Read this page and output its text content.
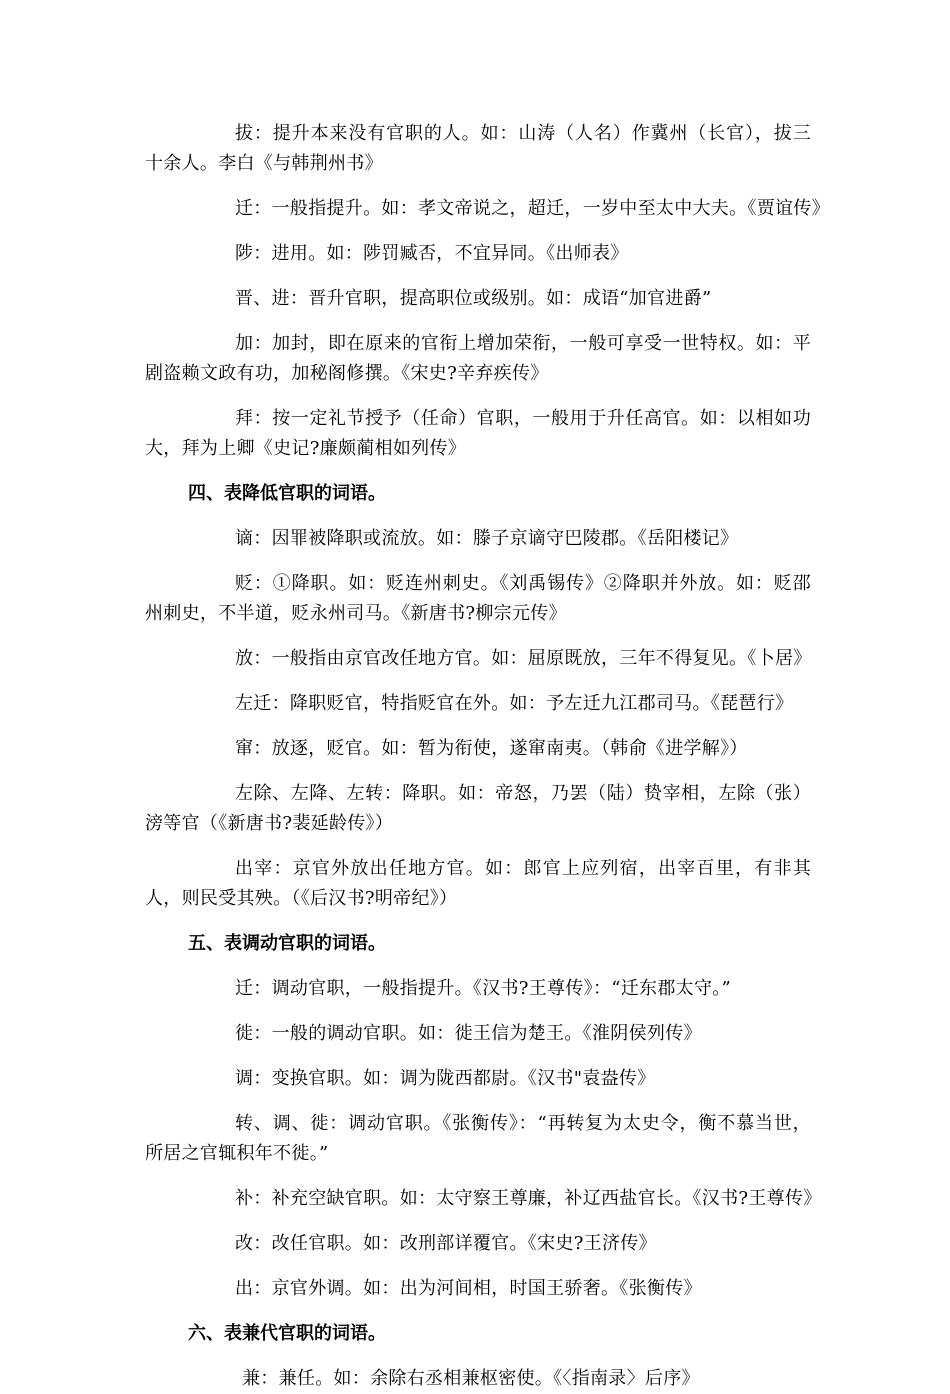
拔：提升本来没有官职的人。如：山涛（人名）作冀州（长官），拔三十余人。李白《与韩荆州书》

迁：一般指提升。如：孝文帝说之，超迁，一岁中至太中大夫。《贾谊传》

陟：进用。如：陟罚臧否，不宜异同。《出师表》

晋、进：晋升官职，提高职位或级别。如：成语“加官进爵”

加：加封，即在原来的官衔上增加荣衔，一般可享受一世特权。如：平剧盗赖文政有功，加秘阁修撰。《宋史?辛弃疾传》

拜：按一定礼节授予（任命）官职，一般用于升任高官。如：以相如功大，拜为上卿《史记?廉颇蔺相如列传》

四、表降低官职的词语。

谪：因罪被降职或流放。如：滕子京谪守巴陵郡。《岳阳楼记》

贬：①降职。如：贬连州刺史。《刘禹锡传》②降职并外放。如：贬邵州刺史，不半道，贬永州司马。《新唐书?柳宗元传》

放：一般指由京官改任地方官。如：屈原既放，三年不得复见。《卜居》

左迁：降职贬官，特指贬官在外。如：予左迁九江郡司马。《琵琶行》

窜：放逐，贬官。如：暂为衔使，遂窜南夷。（韩俞《进学解》）

左除、左降、左转：降职。如：帝怒，乃罢（陆）贽宰相，左除（张）滂等官（《新唐书?裴延龄传》）

出宰：京官外放出任地方官。如：郎官上应列宿，出宰百里，有非其人，则民受其殃。（《后汉书?明帝纪》）

五、表调动官职的词语。

迁：调动官职，一般指提升。《汉书?王尊传》：“迁东郡太守。”

徙：一般的调动官职。如：徙王信为楚王。《淮阴侯列传》

调：变换官职。如：调为陇西都尉。《汉书"袁盎传》

转、调、徙：调动官职。《张衡传》：“再转复为太史令，衡不慕当世，所居之官辄积年不徙。”

补：补充空缺官职。如：太守察王尊廉，补辽西盐官长。《汉书?王尊传》

改：改任官职。如：改刑部详覆官。《宋史?王济传》

出：京官外调。如：出为河间相，时国王骄奢。《张衡传》

六、表兼代官职的词语。

兼：兼任。如：余除右丞相兼枢密使。《〈指南录〉后序》
